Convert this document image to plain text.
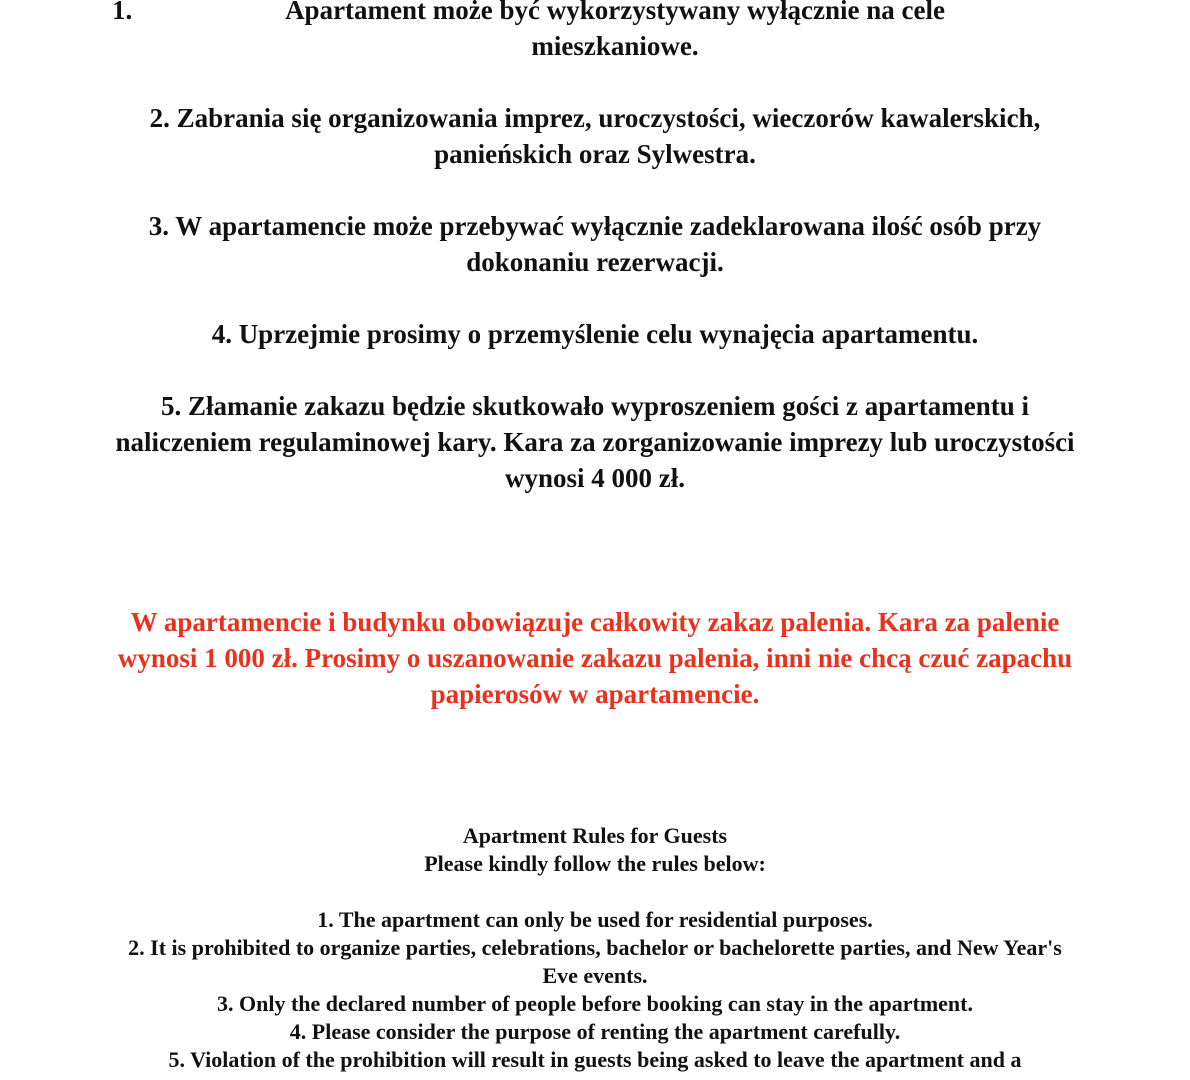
1.	Apartament może być wykorzystywany wyłącznie na cele mieszkaniowe.

2. Zabrania się organizowania imprez, uroczystości, wieczorów kawalerskich, panieńskich oraz Sylwestra.

3. W apartamencie może przebywać wyłącznie zadeklarowana ilość osób przy dokonaniu rezerwacji.

4. Uprzejmie prosimy o przemyślenie celu wynajęcia apartamentu.

5. Złamanie zakazu będzie skutkowało wyproszeniem gości z apartamentu i naliczeniem regulaminowej kary. Kara za zorganizowanie imprezy lub uroczystości wynosi 4 000 zł.

W apartamencie i budynku obowiązuje całkowity zakaz palenia. Kara za palenie wynosi 1 000 zł. Prosimy o uszanowanie zakazu palenia, inni nie chcą czuć zapachu papierosów w apartamencie.

Apartment Rules for Guests

Please kindly follow the rules below:

1. The apartment can only be used for residential purposes.

2. It is prohibited to organize parties, celebrations, bachelor or bachelorette parties, and New Year's Eve events.

3. Only the declared number of people before booking can stay in the apartment.

4. Please consider the purpose of renting the apartment carefully.

5. Violation of the prohibition will result in guests being asked to leave the apartment and a
